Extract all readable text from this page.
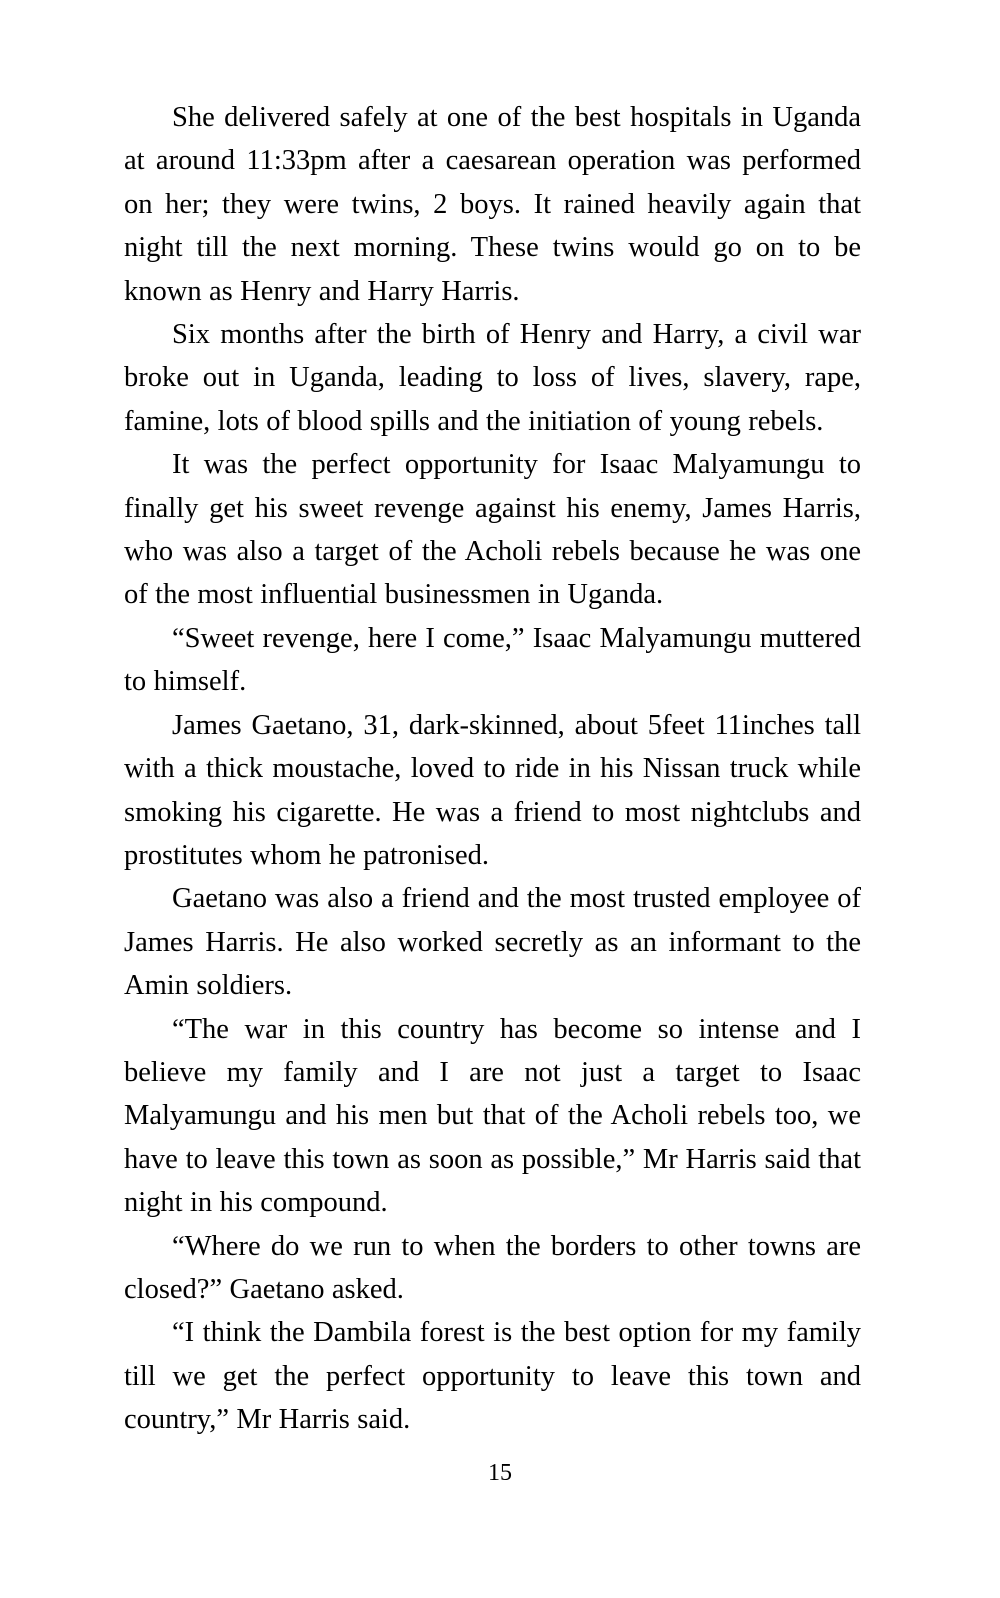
She delivered safely at one of the best hospitals in Uganda at around 11:33pm after a caesarean operation was performed on her; they were twins, 2 boys. It rained heavily again that night till the next morning. These twins would go on to be known as Henry and Harry Harris.

Six months after the birth of Henry and Harry, a civil war broke out in Uganda, leading to loss of lives, slavery, rape, famine, lots of blood spills and the initiation of young rebels.

It was the perfect opportunity for Isaac Malyamungu to finally get his sweet revenge against his enemy, James Harris, who was also a target of the Acholi rebels because he was one of the most influential businessmen in Uganda.

“Sweet revenge, here I come,” Isaac Malyamungu muttered to himself.

James Gaetano, 31, dark-skinned, about 5feet 11inches tall with a thick moustache, loved to ride in his Nissan truck while smoking his cigarette. He was a friend to most nightclubs and prostitutes whom he patronised.

Gaetano was also a friend and the most trusted employee of James Harris. He also worked secretly as an informant to the Amin soldiers.

“The war in this country has become so intense and I believe my family and I are not just a target to Isaac Malyamungu and his men but that of the Acholi rebels too, we have to leave this town as soon as possible,” Mr Harris said that night in his compound.

“Where do we run to when the borders to other towns are closed?” Gaetano asked.

“I think the Dambila forest is the best option for my family till we get the perfect opportunity to leave this town and country,” Mr Harris said.

15
